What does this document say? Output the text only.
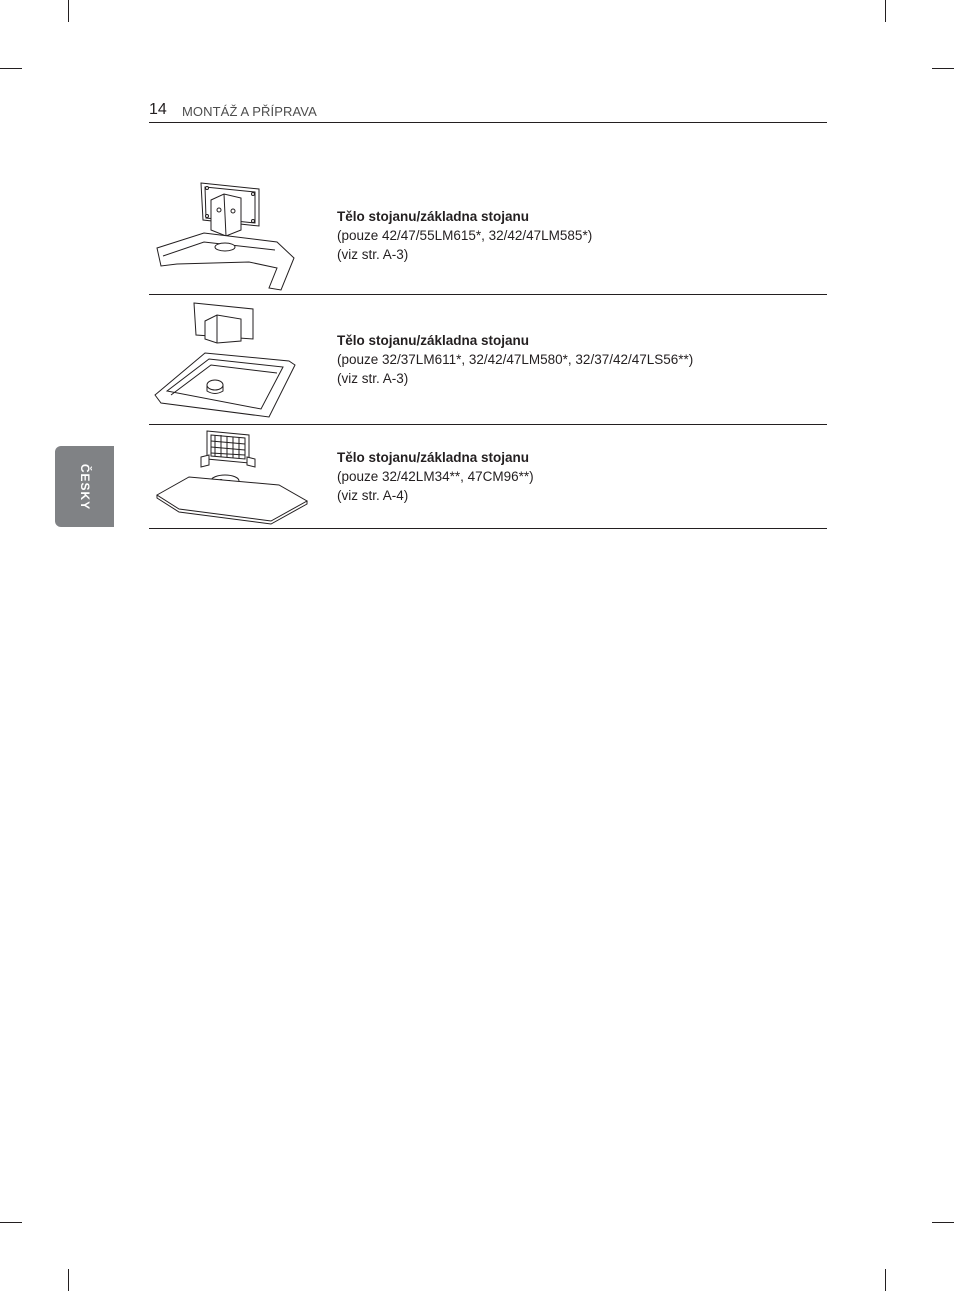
14 MONTÁŽ A PŘÍPRAVA
ČESKY
Tělo stojanu/základna stojanu
(pouze 42/47/55LM615*, 32/42/47LM585*)
(viz str. A-3)
Tělo stojanu/základna stojanu
(pouze 32/37LM611*, 32/42/47LM580*, 32/37/42/47LS56**)
(viz str. A-3)
Tělo stojanu/základna stojanu
(pouze 32/42LM34**, 47CM96**)
(viz str. A-4)
